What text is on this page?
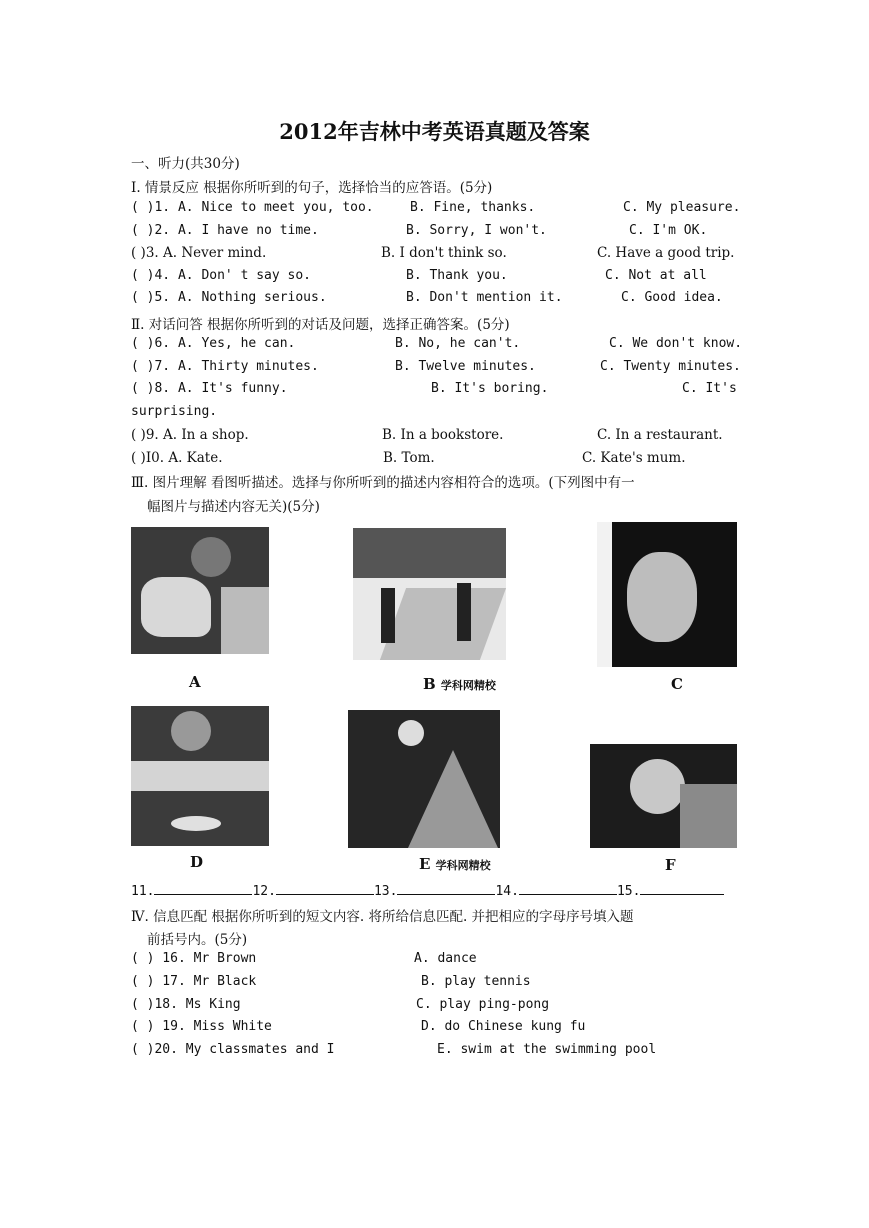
2012年吉林中考英语真题及答案
一、听力(共30分)
Ⅰ. 情景反应 根据你所听到的句子，选择恰当的应答语。(5分)
( )1. A. Nice to meet you, too.	B. Fine, thanks.	C. My pleasure.
( )2. A. I have no time.	B. Sorry, I won't.	C. I'm OK.
( )3. A. Never mind.	B. I don't think so.	C. Have a good trip.
( )4. A. Don' t say so.	B. Thank you.	C. Not at all
( )5. A. Nothing serious.	B. Don't mention it.	C. Good idea.
Ⅱ. 对话问答 根据你所听到的对话及问题，选择正确答案。(5分)
( )6. A. Yes, he can.	B. No, he can't.	C. We don't know.
( )7. A. Thirty minutes.	B. Twelve minutes.	C. Twenty minutes.
( )8. A. It's funny.	B. It's boring.	C. It's
surprising.
( )9. A. In a shop.	B. In a bookstore.	C. In a restaurant.
( )I0. A. Kate.	B. Tom.	C. Kate's mum.
Ⅲ. 图片理解 看图听描述。选择与你所听到的描述内容相符合的选项。(下列图中有一
幅图片与描述内容无关)(5分)
A	B 学科网精校	C
D	E 学科网精校	F
11.	12.	13.	14.	15.
Ⅳ. 信息匹配 根据你所听到的短文内容. 将所给信息匹配. 并把相应的字母序号填入题
前括号内。(5分)
( ) 16. Mr Brown	A. dance
( ) 17. Mr Black	B. play tennis
( )18. Ms King	C. play ping-pong
( ) 19. Miss White	D. do Chinese kung fu
( )20. My classmates and I	E. swim at the swimming pool
